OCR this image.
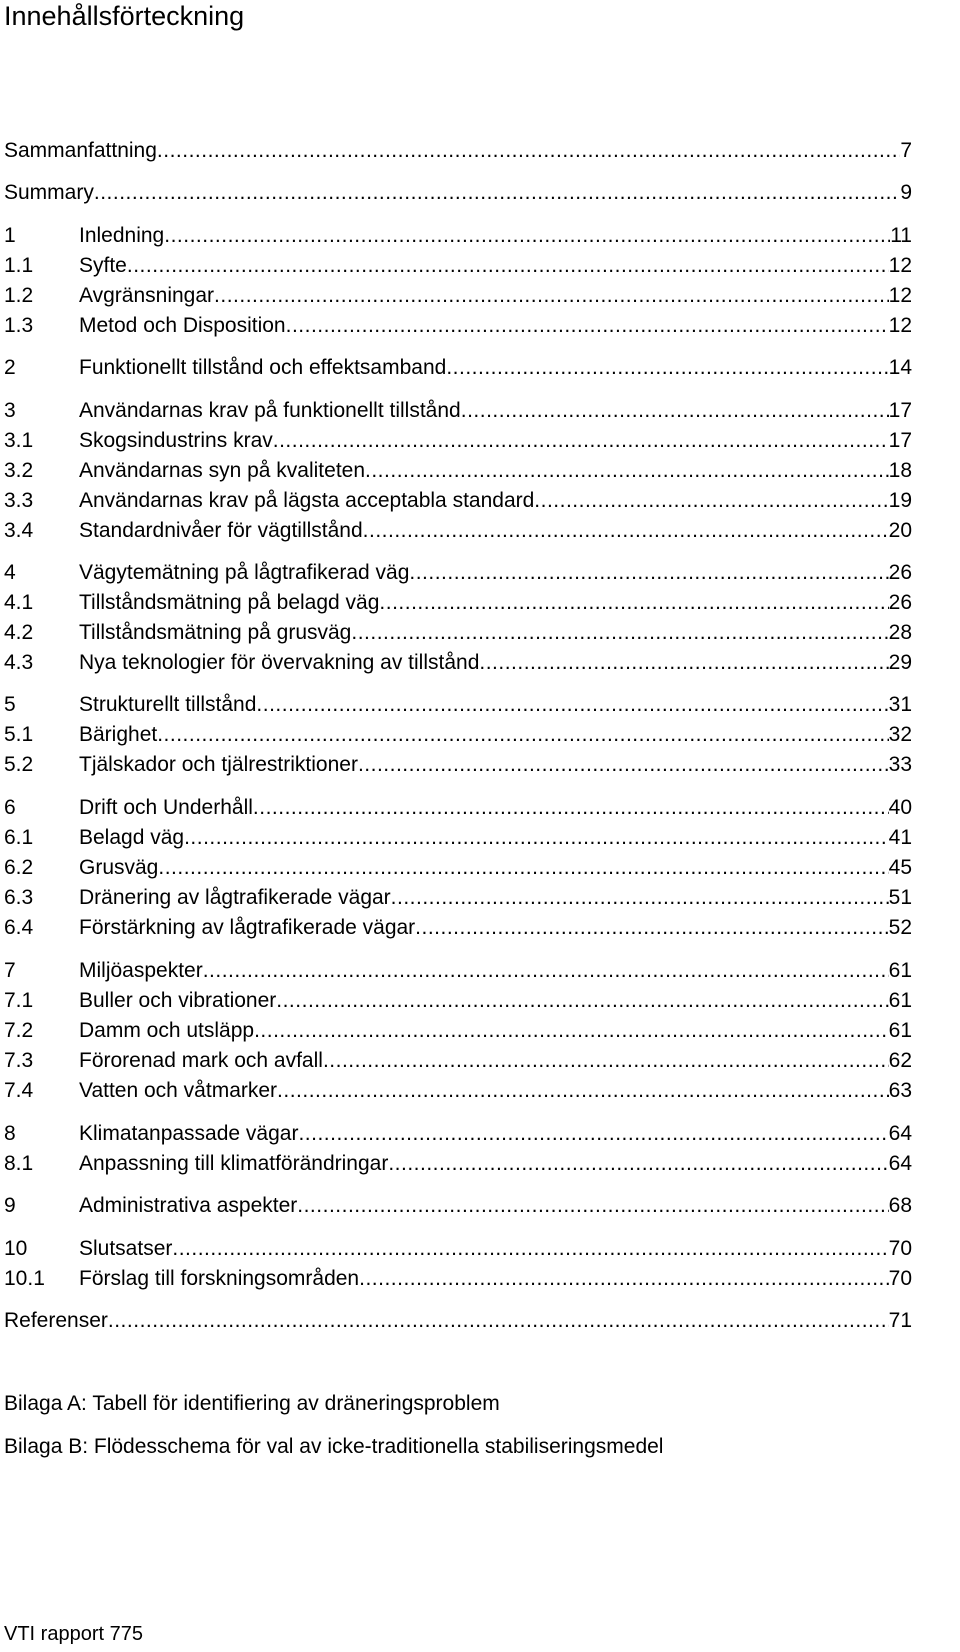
Innehållsförteckning
Sammanfattning .....	7
Summary .....	9
1	Inledning .....	11
1.1	Syfte .....	12
1.2	Avgränsningar .....	12
1.3	Metod och Disposition .....	12
2	Funktionellt tillstånd och effektsamband .....	14
3	Användarnas krav på funktionellt tillstånd .....	17
3.1	Skogsindustrins krav .....	17
3.2	Användarnas syn på kvaliteten .....	18
3.3	Användarnas krav på lägsta acceptabla standard .....	19
3.4	Standardnivåer för vägtillstånd .....	20
4	Vägytemätning på lågtrafikerad väg .....	26
4.1	Tillståndsmätning på belagd väg .....	26
4.2	Tillståndsmätning på grusväg .....	28
4.3	Nya teknologier för övervakning av tillstånd .....	29
5	Strukturellt tillstånd .....	31
5.1	Bärighet .....	32
5.2	Tjälskador och tjälrestriktioner .....	33
6	Drift och Underhåll .....	40
6.1	Belagd väg .....	41
6.2	Grusväg .....	45
6.3	Dränering av lågtrafikerade vägar .....	51
6.4	Förstärkning av lågtrafikerade vägar .....	52
7	Miljöaspekter .....	61
7.1	Buller och vibrationer .....	61
7.2	Damm och utsläpp .....	61
7.3	Förorenad mark och avfall .....	62
7.4	Vatten och våtmarker .....	63
8	Klimatanpassade vägar .....	64
8.1	Anpassning till klimatförändringar .....	64
9	Administrativa aspekter .....	68
10	Slutsatser .....	70
10.1	Förslag till forskningsområden .....	70
Referenser .....	71
Bilaga A: Tabell för identifiering av dräneringsproblem
Bilaga B: Flödesschema för val av icke-traditionella stabiliseringsmedel
VTI rapport 775
